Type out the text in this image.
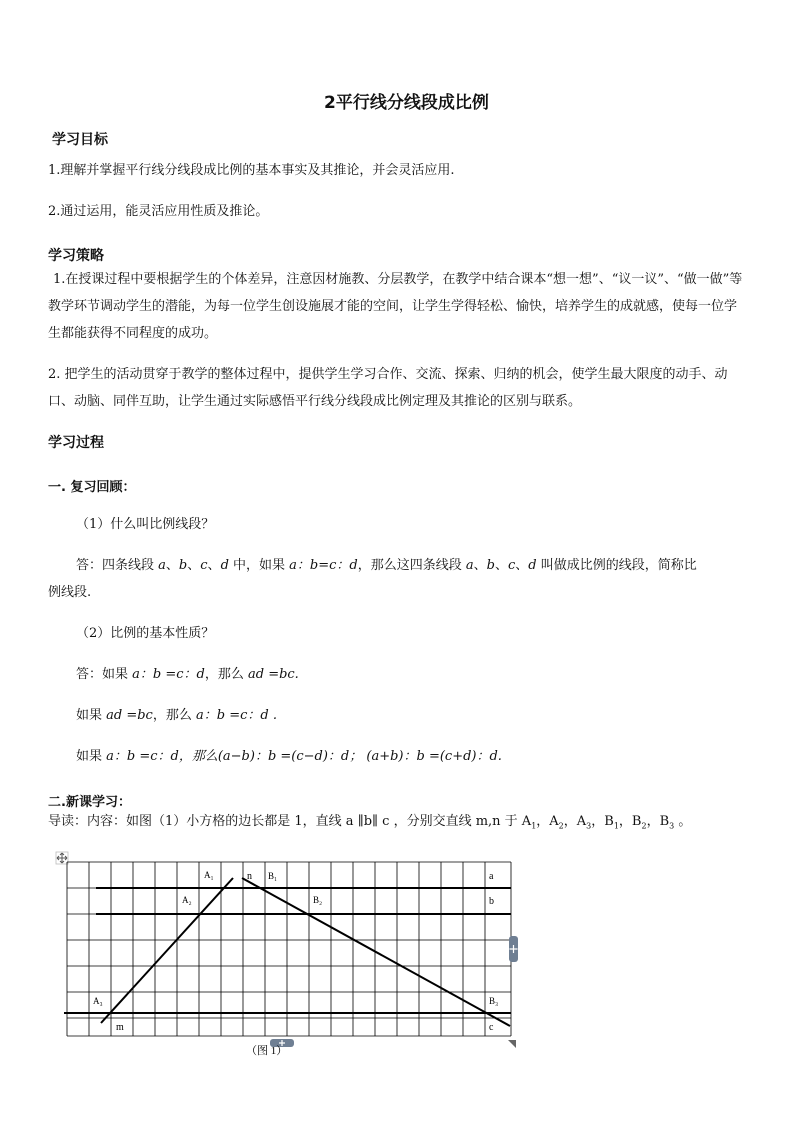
2平行线分线段成比例
学习目标
1.理解并掌握平行线分线段成比例的基本事实及其推论，并会灵活应用.
2.通过运用，能灵活应用性质及推论。
学习策略
1.在授课过程中要根据学生的个体差异，注意因材施教、分层教学，在教学中结合课本“想一想”、“议一议”、“做一做”等教学环节调动学生的潜能，为每一位学生创设施展才能的空间，让学生学得轻松、愉快，培养学生的成就感，使每一位学生都能获得不同程度的成功。
2. 把学生的活动贯穿于教学的整体过程中，提供学生学习合作、交流、探索、归纳的机会，使学生最大限度的动手、动口、动脑、同伴互助，让学生通过实际感悟平行线分线段成比例定理及其推论的区别与联系。
学习过程
一. 复习回顾：
（1）什么叫比例线段？
答：四条线段 a、b、c、d 中，如果 a：b=c：d，那么这四条线段 a、b、c、d 叫做成比例的线段，简称比
例线段.
（2）比例的基本性质？
答：如果 a：b =c：d，那么 ad =bc.
如果 ad =bc，那么 a：b =c：d .
如果 a：b =c：d，那么(a−b)：b =(c−d)：d； (a+b)：b =(c+d)：d.
二.新课学习：
导读：内容：如图（1）小方格的边长都是 1，直线 a ∥b∥ c ，分别交直线 m,n 于 $A_1$，$A_2$，$A_3$，$B_1$，$B_2$，$B_3$ 。
A₁
A₂
A₃
B₁
B₂
B₃
a
b
c
m
n
（图 1）
